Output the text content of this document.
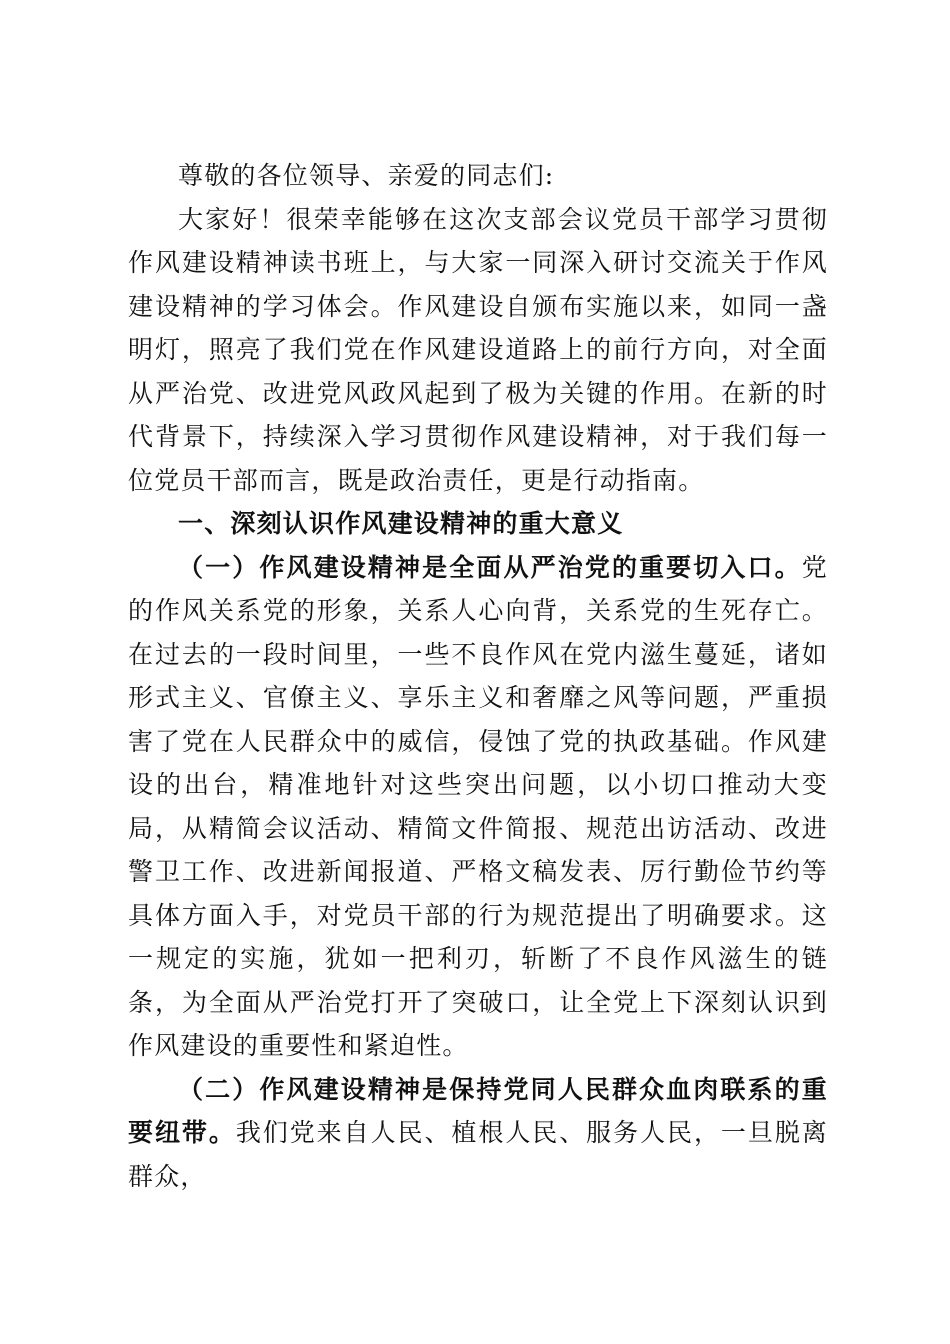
尊敬的各位领导、亲爱的同志们:

大家好！很荣幸能够在这次支部会议党员干部学习贯彻作风建设精神读书班上，与大家一同深入研讨交流关于作风建设精神的学习体会。作风建设自颁布实施以来，如同一盏明灯，照亮了我们党在作风建设道路上的前行方向，对全面从严治党、改进党风政风起到了极为关键的作用。在新的时代背景下，持续深入学习贯彻作风建设精神，对于我们每一位党员干部而言，既是政治责任，更是行动指南。

一、深刻认识作风建设精神的重大意义

（一）作风建设精神是全面从严治党的重要切入口。党的作风关系党的形象，关系人心向背，关系党的生死存亡。在过去的一段时间里，一些不良作风在党内滋生蔓延，诸如形式主义、官僚主义、享乐主义和奢靡之风等问题，严重损害了党在人民群众中的威信，侵蚀了党的执政基础。作风建设的出台，精准地针对这些突出问题，以小切口推动大变局，从精简会议活动、精简文件简报、规范出访活动、改进警卫工作、改进新闻报道、严格文稿发表、厉行勤俭节约等具体方面入手，对党员干部的行为规范提出了明确要求。这一规定的实施，犹如一把利刃，斩断了不良作风滋生的链条，为全面从严治党打开了突破口，让全党上下深刻认识到作风建设的重要性和紧迫性。

（二）作风建设精神是保持党同人民群众血肉联系的重要纽带。我们党来自人民、植根人民、服务人民，一旦脱离群众，
